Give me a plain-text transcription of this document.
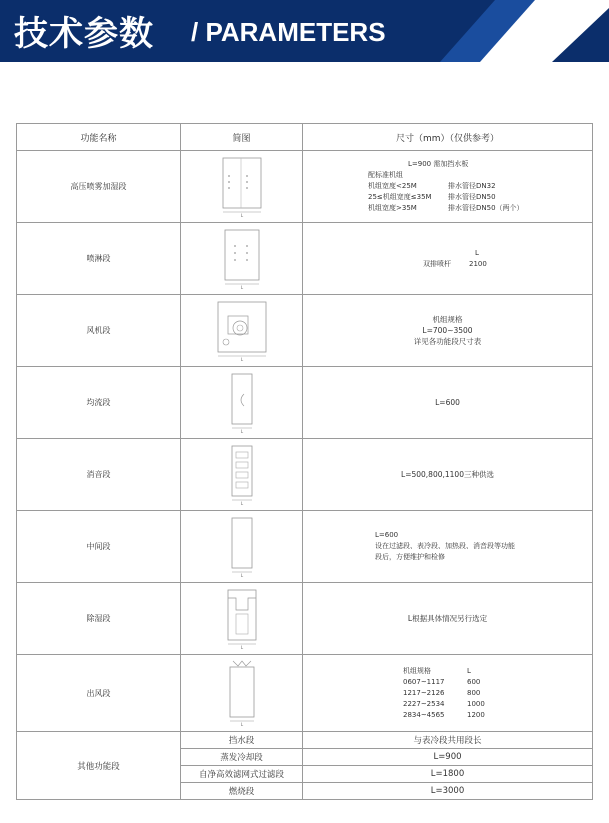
技术参数 / PARAMETERS
功能名称	简图	尺寸（mm）（仅供参考）
高压喷雾加湿段	L	L=900 需加挡水板
配标准机组
机组宽度<25M 排水管径DN32
25≤机组宽度≤35M 排水管径DN50
机组宽度>35M 排水管径DN50（两个）

喷淋段	L	L
双排喷杆 2100

风机段	L	机组规格
L=700~3500
详见各功能段尺寸表

均流段	L	L=600
消音段	L	L=500,800,1100三种供选
中间段	L	L=600
设在过滤段、表冷段、加热段、消音段等功能
段后，方便维护和检修

除湿段	L	L根据具体情况另行选定
出风段	L	机组规格 L
0607~1117 600
1217~2126 800
2227~2534 1000
2834~4565 1200

其他功能段	挡水段	与表冷段共用段长
	蒸发冷却段	L=900
	自净高效滤网式过滤段	L=1800
	燃烧段	L=3000
